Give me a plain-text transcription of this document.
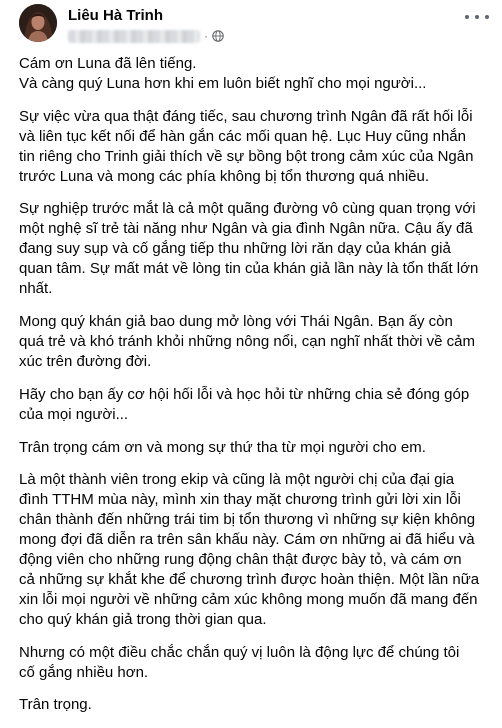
Liêu Hà Trinh
·

Cám ơn Luna đã lên tiếng.
Và càng quý Luna hơn khi em luôn biết nghĩ cho mọi người...

Sự việc vừa qua thật đáng tiếc, sau chương trình Ngân đã rất hối lỗi
và liên tục kết nối để hàn gắn các mối quan hệ. Lục Huy cũng nhắn
tin riêng cho Trinh giải thích về sự bồng bột trong cảm xúc của Ngân
trước Luna và mong các phía không bị tổn thương quá nhiều.

Sự nghiệp trước mắt là cả một quãng đường vô cùng quan trọng với
một nghệ sĩ trẻ tài năng như Ngân và gia đình Ngân nữa. Cậu ấy đã
đang suy sụp và cố gắng tiếp thu những lời răn dạy của khán giả
quan tâm. Sự mất mát về lòng tin của khán giả lần này là tổn thất lớn
nhất.

Mong quý khán giả bao dung mở lòng với Thái Ngân. Bạn ấy còn
quá trẻ và khó tránh khỏi những nông nổi, cạn nghĩ nhất thời về cảm
xúc trên đường đời.

Hãy cho bạn ấy cơ hội hối lỗi và học hỏi từ những chia sẻ đóng góp
của mọi người...

Trân trọng cám ơn và mong sự thứ tha từ mọi người cho em.

Là một thành viên trong ekip và cũng là một người chị của đại gia
đình TTHM mùa này, mình xin thay mặt chương trình gửi lời xin lỗi
chân thành đến những trái tim bị tổn thương vì những sự kiện không
mong đợi đã diễn ra trên sân khấu này. Cám ơn những ai đã hiểu và
động viên cho những rung động chân thật được bày tỏ, và cám ơn
cả những sự khắt khe để chương trình được hoàn thiện. Một lần nữa
xin lỗi mọi người về những cảm xúc không mong muốn đã mang đến
cho quý khán giả trong thời gian qua.

Nhưng có một điều chắc chắn quý vị luôn là động lực để chúng tôi
cố gắng nhiều hơn.

Trân trọng.
